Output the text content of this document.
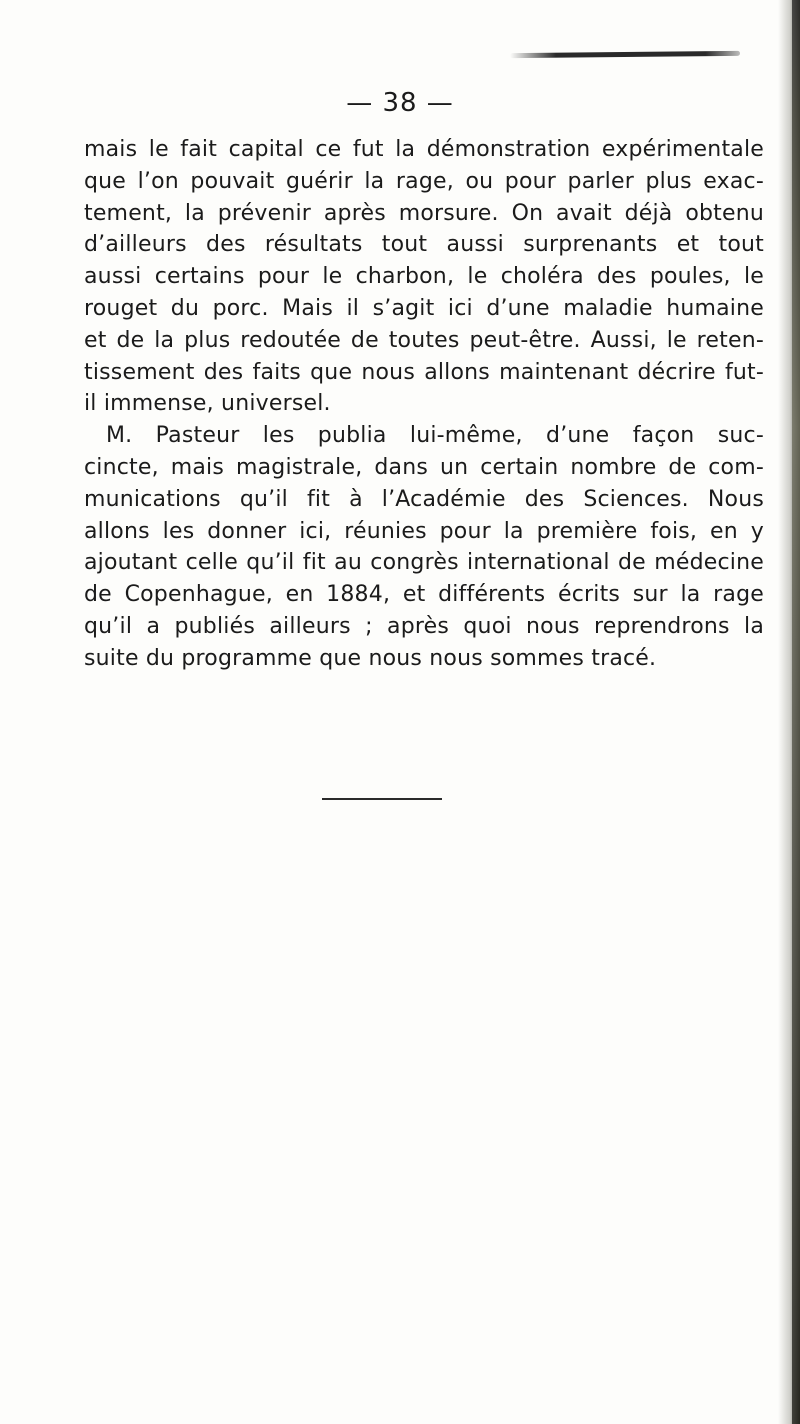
— 38 —
mais le fait capital ce fut la démonstration expérimentale
que l’on pouvait guérir la rage, ou pour parler plus exac-
tement, la prévenir après morsure. On avait déjà obtenu
d’ailleurs des résultats tout aussi surprenants et tout
aussi certains pour le charbon, le choléra des poules, le
rouget du porc. Mais il s’agit ici d’une maladie humaine
et de la plus redoutée de toutes peut-être. Aussi, le reten-
tissement des faits que nous allons maintenant décrire fut-
il immense, universel.
M. Pasteur les publia lui-même, d’une façon suc-
cincte, mais magistrale, dans un certain nombre de com-
munications qu’il fit à l’Académie des Sciences. Nous
allons les donner ici, réunies pour la première fois, en y
ajoutant celle qu’il fit au congrès international de médecine
de Copenhague, en 1884, et différents écrits sur la rage
qu’il a publiés ailleurs ; après quoi nous reprendrons la
suite du programme que nous nous sommes tracé.
